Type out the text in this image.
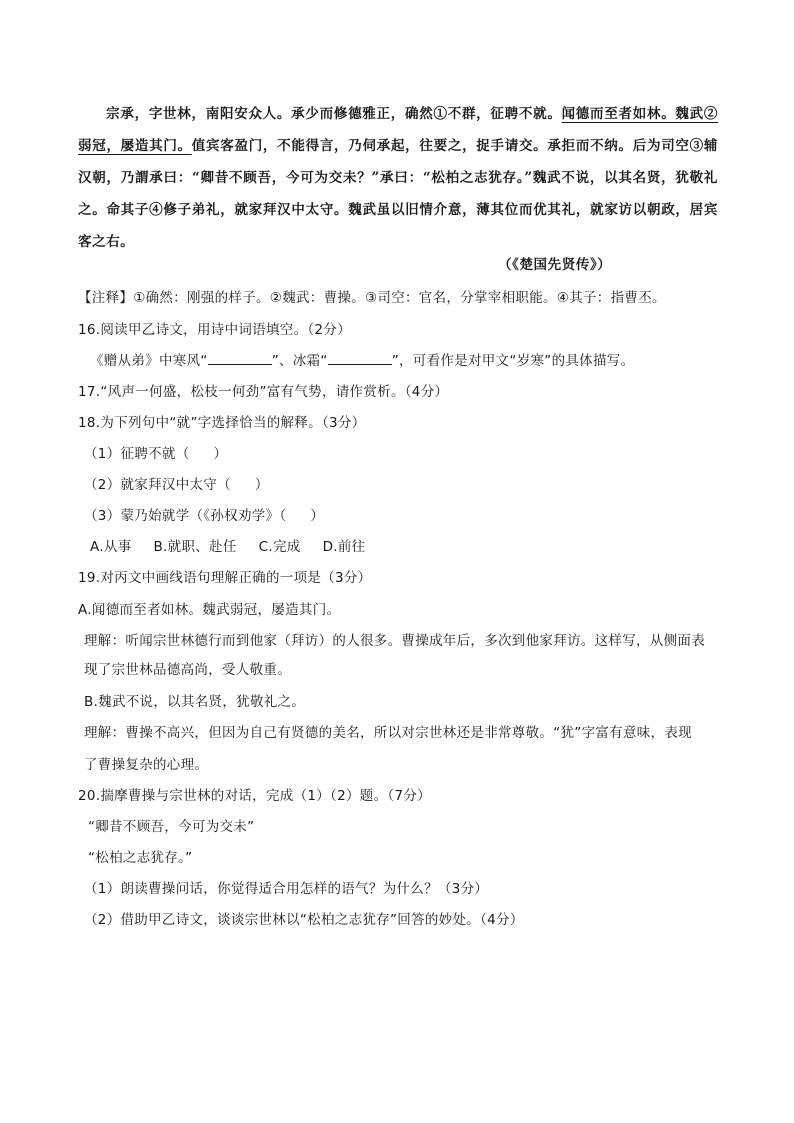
宗承，字世林，南阳安众人。承少而修德雅正，确然①不群，征聘不就。闻德而至者如林。魏武②弱冠，屡造其门。值宾客盈门，不能得言，乃伺承起，往要之，捉手请交。承拒而不纳。后为司空③辅汉朝，乃謂承曰：“卿昔不顾吾，今可为交未？”承曰：“松柏之志犹存。”魏武不说，以其名贤，犹敬礼之。命其子④修子弟礼，就家拜汉中太守。魏武虽以旧情介意，薄其位而优其礼，就家访以朝政，居宾客之右。
（《楚国先贤传》）
【注释】①确然：刚强的样子。②魏武：曹操。③司空：官名，分掌宰相职能。④其子：指曹丕。
16.阅读甲乙诗文，用诗中词语填空。（2分）
《赠从弟》中寒风“	”、冰霜“	”，可看作是对甲文“岁寒”的具体描写。
17.“风声一何盛，松枝一何劲”富有气势，请作赏析。（4分）
18.为下列句中“就”字选择恰当的解释。（3分）
（1）征聘不就（ ）
（2）就家拜汉中太守（ ）
（3）蒙乃始就学（《孙权劝学》（ ）
A.从事 B.就职、赴任 C.完成 D.前往
19.对丙文中画线语句理解正确的一项是（3分）
A.闻德而至者如林。魏武弱冠，屡造其门。
理解：听闻宗世林德行而到他家（拜访）的人很多。曹操成年后，多次到他家拜访。这样写，从侧面表
现了宗世林品德高尚，受人敬重。
B.魏武不说，以其名贤，犹敬礼之。
理解：曹操不高兴，但因为自己有贤德的美名，所以对宗世林还是非常尊敬。“犹”字富有意味，表现
了曹操复杂的心理。
20.揣摩曹操与宗世林的对话，完成（1）（2）题。（7分）
“卿昔不顾吾，今可为交未”
“松柏之志犹存。”
（1）朗读曹操问话，你觉得适合用怎样的语气？为什么？（3分）
（2）借助甲乙诗文，谈谈宗世林以“松柏之志犹存”回答的妙处。（4分）
